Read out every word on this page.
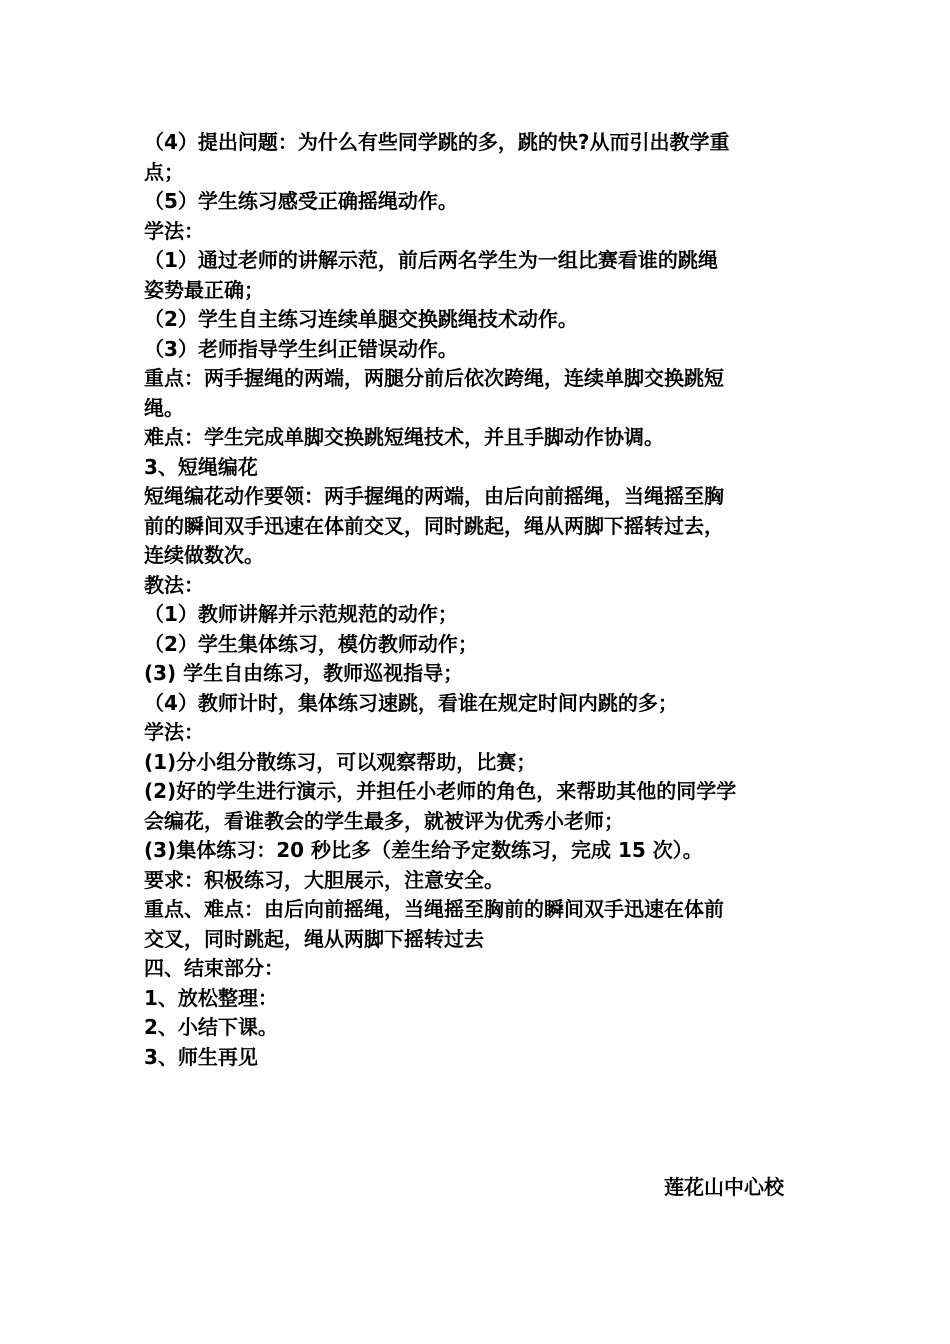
（4）提出问题：为什么有些同学跳的多，跳的快?从而引出教学重
点；
（5）学生练习感受正确摇绳动作。
学法：
（1）通过老师的讲解示范，前后两名学生为一组比赛看谁的跳绳
姿势最正确；
（2）学生自主练习连续单腿交换跳绳技术动作。
（3）老师指导学生纠正错误动作。
重点：两手握绳的两端，两腿分前后依次跨绳，连续单脚交换跳短
绳。
难点：学生完成单脚交换跳短绳技术，并且手脚动作协调。
3、短绳编花
短绳编花动作要领：两手握绳的两端，由后向前摇绳，当绳摇至胸
前的瞬间双手迅速在体前交叉，同时跳起，绳从两脚下摇转过去，
连续做数次。
教法：
（1）教师讲解并示范规范的动作；
（2）学生集体练习，模仿教师动作；
(3) 学生自由练习，教师巡视指导；
（4）教师计时，集体练习速跳，看谁在规定时间内跳的多；
学法：
(1)分小组分散练习，可以观察帮助，比赛；
(2)好的学生进行演示，并担任小老师的角色，来帮助其他的同学学
会编花，看谁教会的学生最多，就被评为优秀小老师；
(3)集体练习：20 秒比多（差生给予定数练习，完成 15 次）。
要求：积极练习，大胆展示，注意安全。
重点、难点：由后向前摇绳，当绳摇至胸前的瞬间双手迅速在体前
交叉，同时跳起，绳从两脚下摇转过去
四、结束部分：
1、放松整理：
2、小结下课。
3、师生再见
莲花山中心校
